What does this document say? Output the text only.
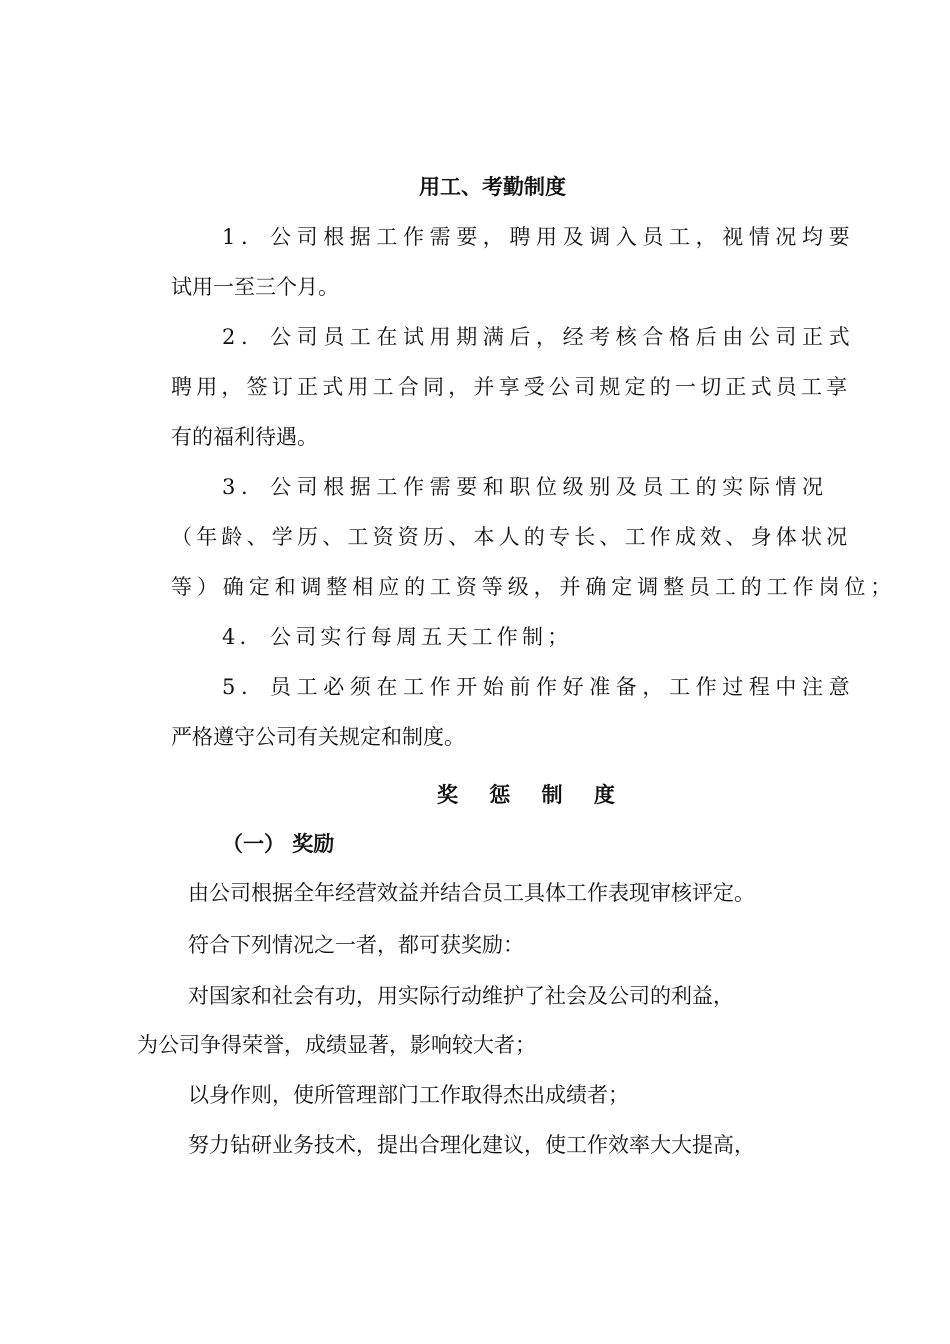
用工、考勤制度
1. 公司根据工作需要，聘用及调入员工，视情况均要
试用一至三个月。
2. 公司员工在试用期满后，经考核合格后由公司正式
聘用，签订正式用工合同，并享受公司规定的一切正式员工享
有的福利待遇。
3. 公司根据工作需要和职位级别及员工的实际情况
（年龄、学历、工资资历、本人的专长、工作成效、身体状况
等）确定和调整相应的工资等级，并确定调整员工的工作岗位；
4. 公司实行每周五天工作制；
5. 员工必须在工作开始前作好准备，工作过程中注意
严格遵守公司有关规定和制度。
奖 惩 制 度
（一） 奖励
由公司根据全年经营效益并结合员工具体工作表现审核评定。
符合下列情况之一者，都可获奖励：
对国家和社会有功，用实际行动维护了社会及公司的利益，
为公司争得荣誉，成绩显著，影响较大者；
以身作则，使所管理部门工作取得杰出成绩者；
努力钻研业务技术，提出合理化建议，使工作效率大大提高，
